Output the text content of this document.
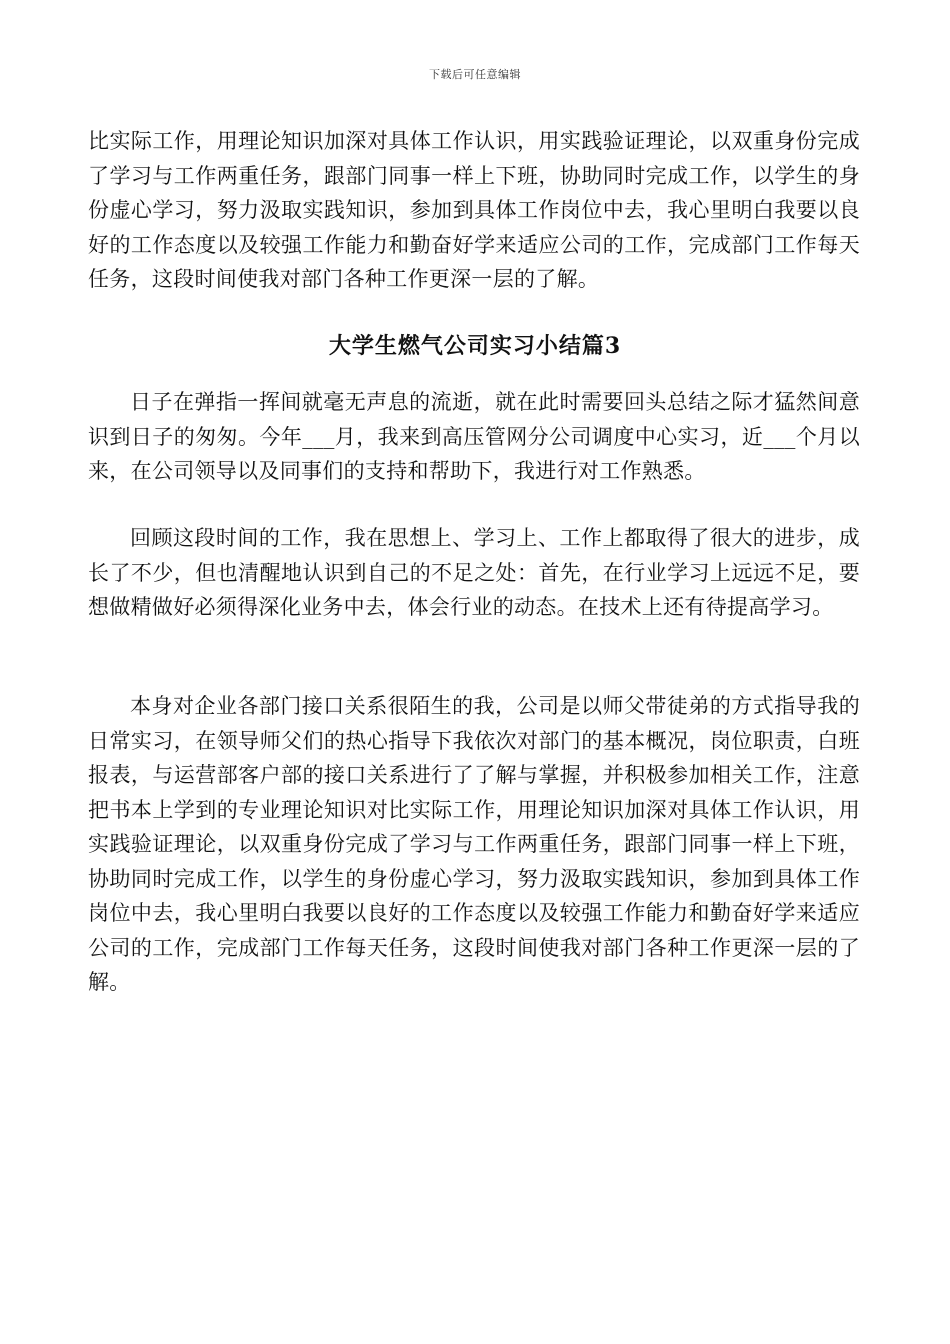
下载后可任意编辑

比实际工作，用理论知识加深对具体工作认识，用实践验证理论，以双重身份完成了学习与工作两重任务，跟部门同事一样上下班，协助同时完成工作，以学生的身份虚心学习，努力汲取实践知识，参加到具体工作岗位中去，我心里明白我要以良好的工作态度以及较强工作能力和勤奋好学来适应公司的工作，完成部门工作每天任务，这段时间使我对部门各种工作更深一层的了解。

大学生燃气公司实习小结篇3

日子在弹指一挥间就毫无声息的流逝，就在此时需要回头总结之际才猛然间意识到日子的匆匆。今年___月，我来到高压管网分公司调度中心实习，近___个月以来，在公司领导以及同事们的支持和帮助下，我进行对工作熟悉。

回顾这段时间的工作，我在思想上、学习上、工作上都取得了很大的进步，成长了不少，但也清醒地认识到自己的不足之处：首先，在行业学习上远远不足，要想做精做好必须得深化业务中去，体会行业的动态。在技术上还有待提高学习。

本身对企业各部门接口关系很陌生的我，公司是以师父带徒弟的方式指导我的日常实习，在领导师父们的热心指导下我依次对部门的基本概况，岗位职责，白班报表，与运营部客户部的接口关系进行了了解与掌握，并积极参加相关工作，注意把书本上学到的专业理论知识对比实际工作，用理论知识加深对具体工作认识，用实践验证理论，以双重身份完成了学习与工作两重任务，跟部门同事一样上下班，协助同时完成工作，以学生的身份虚心学习，努力汲取实践知识，参加到具体工作岗位中去，我心里明白我要以良好的工作态度以及较强工作能力和勤奋好学来适应公司的工作，完成部门工作每天任务，这段时间使我对部门各种工作更深一层的了解。
